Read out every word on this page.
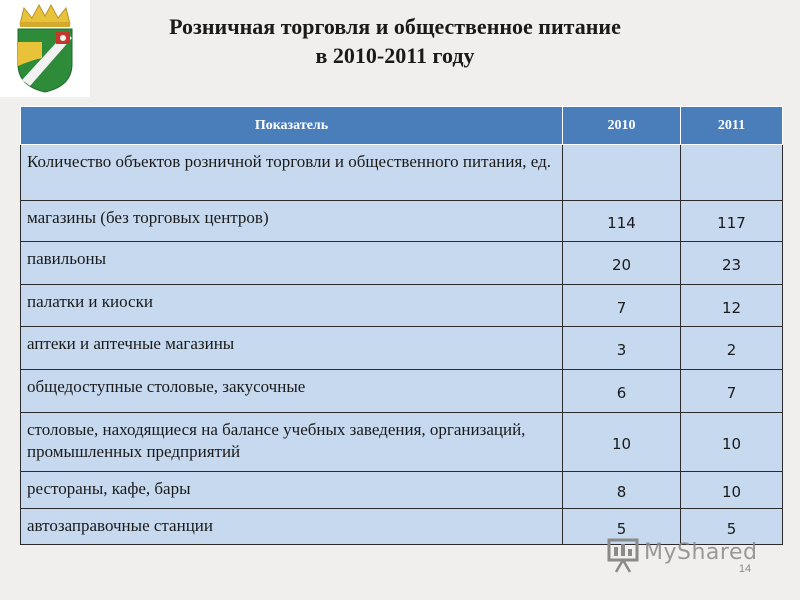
Розничная торговля и общественное питание
в 2010-2011 году
Показатель	2010	2011
Количество объектов розничной торговли и общественного питания, ед.		
магазины (без торговых центров)	114	117
павильоны	20	23
палатки и киоски	7	12
аптеки и аптечные магазины	3	2
общедоступные столовые, закусочные	6	7
столовые, находящиеся на балансе учебных заведения, организаций, промышленных предприятий	10	10
рестораны, кафе, бары	8	10
автозаправочные станции	5	5
MyShared
14
